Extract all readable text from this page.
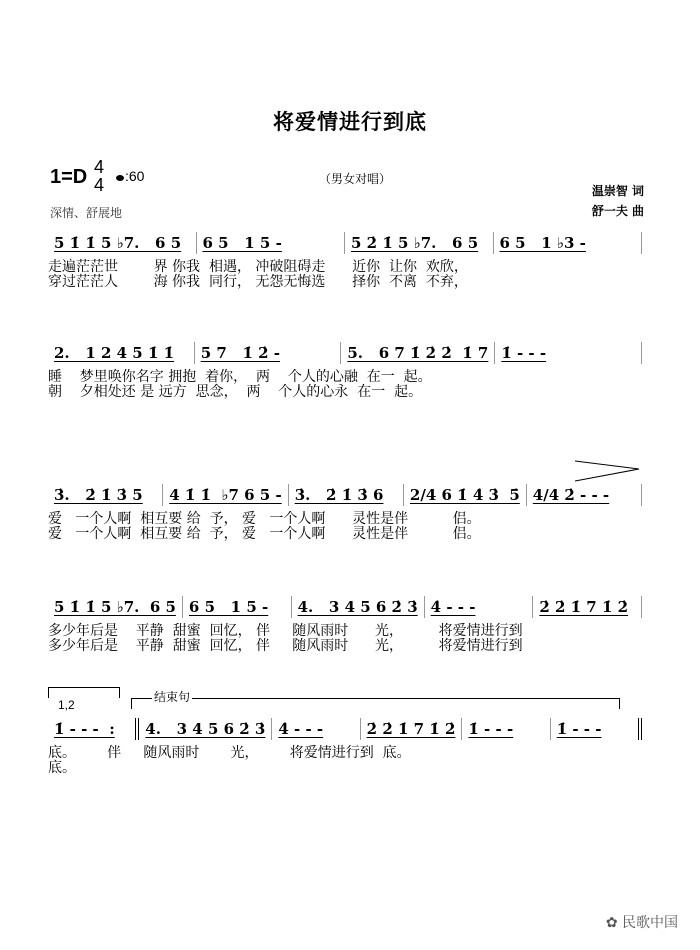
将爱情进行到底
1=D 4
4	:60	（男女对唱）
深情、舒展地
温崇智 词
舒一夫 曲
1,2
结束句
5 1̇ 1̇ 5 ♭7.   6 5	6 5   1 5 -	5 2̇ 1̇ 5 ♭7.   6 5	6 5   1 ♭3 -
走遍茫茫世        界 你我  相遇， 冲破阻碍走      近你  让你  欢欣，
穿过茫茫人        海 你我  同行， 无怨无悔选      择你  不离  不弃，
2.   1 2 4 5 1̇ 1̇	5 7   1̇ 2̇ -	5.   6 7 1̇ 2̇ 2̇  1̇ 7 1̇ - - -
睡    梦里唤你名字 拥抱  着你，  两    个人的心融  在一  起。
朝    夕相处还 是 远方  思念，  两    个人的心永  在一  起。
3̇.   2̇ 1̇ 3̇ 5	4 1̇ 1̇  ♭7 6 5 - 3̇.   2̇ 1̇ 3̇ 6	2/4 6 1̇ 4̇ 3̇  5̇ 4/4 2̇ - - -
爱   一个人啊  相互要 给  予， 爱   一个人啊      灵性是伴          侣。
爱   一个人啊  相互要 给  予， 爱   一个人啊      灵性是伴          侣。
5 1̇ 1̇ 5 ♭7.  6 5 6 5   1 5 -	4.   3 4 5 6 2̇ 3̇ 4̇ - - -	2̇ 2̇ 1̇ 7 1̇ 2̇
多少年后是    平静  甜蜜  回忆， 伴     随风雨时      光，        将爱情进行到
多少年后是    平静  甜蜜  回忆， 伴     随风雨时      光，        将爱情进行到
1̇ - - -  :	4.   3 4 5 6 2̇ 3̇ 4̇ - - -	2̇ 2̇ 1̇ 7 1̇ 2̇ 1̇ - - -	1̇ - - -
底。       伴     随风雨时       光，       将爱情进行到  底。
底。
✿ 民歌中国
